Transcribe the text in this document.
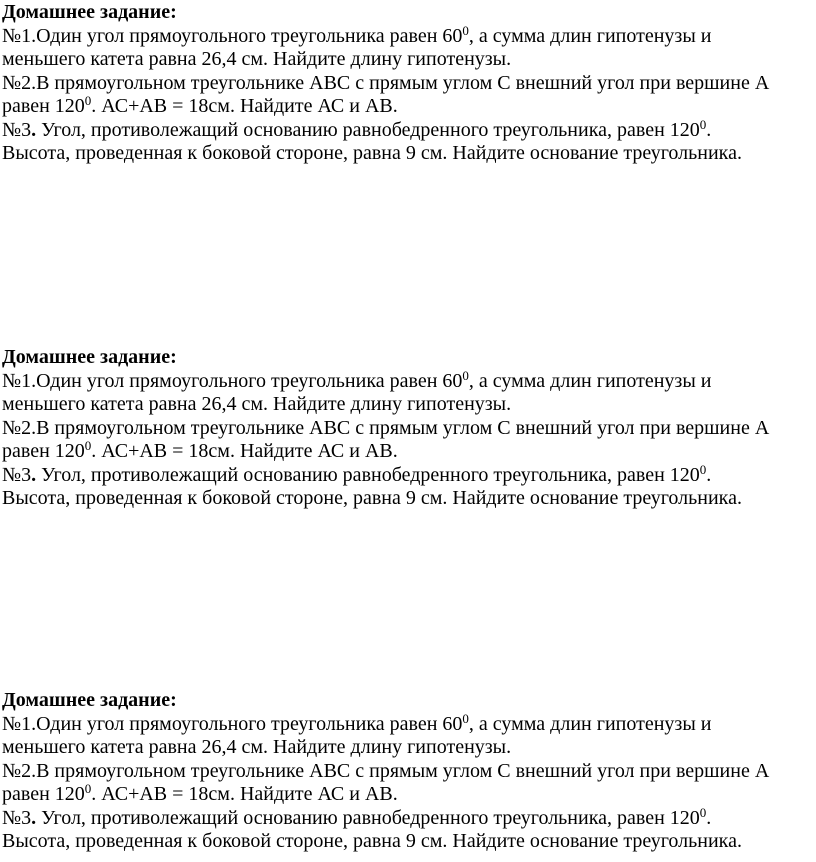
Домашнее задание:
№1.Один угол прямоугольного треугольника равен $60^0$, а сумма длин гипотенузы и
меньшего катета равна 26,4 см. Найдите длину гипотенузы.
№2.В прямоугольном треугольнике АВС с прямым углом С внешний угол при вершине А
равен $120^0$. АС+АВ = 18см. Найдите АС и АВ.
№3. Угол, противолежащий основанию равнобедренного треугольника, равен $120^0$.
Высота, проведенная к боковой стороне, равна 9 см. Найдите основание треугольника.
Домашнее задание:
№1.Один угол прямоугольного треугольника равен $60^0$, а сумма длин гипотенузы и
меньшего катета равна 26,4 см. Найдите длину гипотенузы.
№2.В прямоугольном треугольнике АВС с прямым углом С внешний угол при вершине А
равен $120^0$. АС+АВ = 18см. Найдите АС и АВ.
№3. Угол, противолежащий основанию равнобедренного треугольника, равен $120^0$.
Высота, проведенная к боковой стороне, равна 9 см. Найдите основание треугольника.
Домашнее задание:
№1.Один угол прямоугольного треугольника равен $60^0$, а сумма длин гипотенузы и
меньшего катета равна 26,4 см. Найдите длину гипотенузы.
№2.В прямоугольном треугольнике АВС с прямым углом С внешний угол при вершине А
равен $120^0$. АС+АВ = 18см. Найдите АС и АВ.
№3. Угол, противолежащий основанию равнобедренного треугольника, равен $120^0$.
Высота, проведенная к боковой стороне, равна 9 см. Найдите основание треугольника.
